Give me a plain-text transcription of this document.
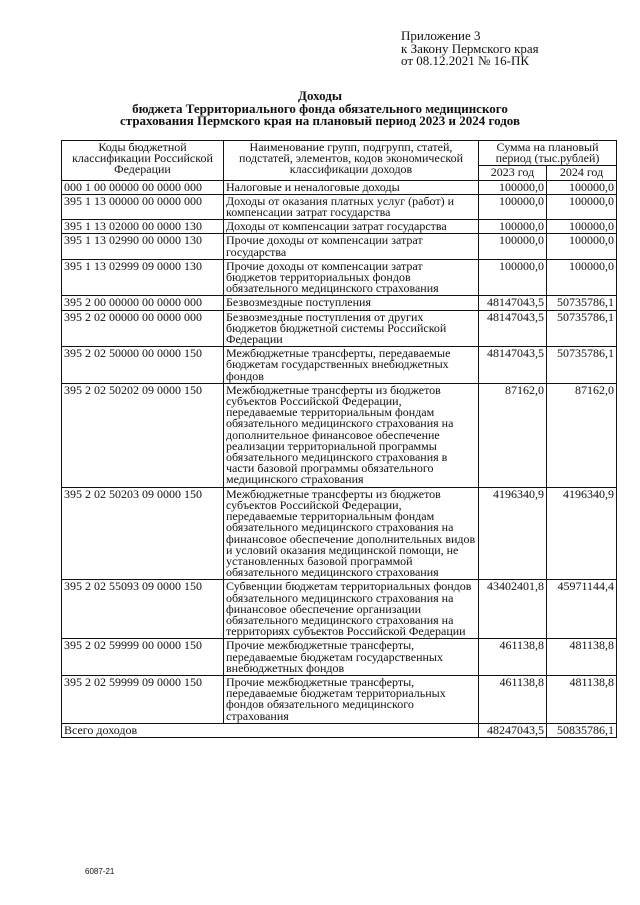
Приложение 3
к Закону Пермского края
от 08.12.2021 № 16-ПК
Доходы
бюджета Территориального фонда обязательного медицинского
страхования Пермского края на плановый период 2023 и 2024 годов
Коды бюджетной классификации Российской Федерации	Наименование групп, подгрупп, статей, подстатей, элементов, кодов экономической классификации доходов	Сумма на плановый период (тыс.рублей)	
		2023 год	2024 год
000 1 00 00000 00 0000 000	Налоговые и неналоговые доходы	100000,0	100000,0
395 1 13 00000 00 0000 000	Доходы от оказания платных услуг (работ) и компенсации затрат государства	100000,0	100000,0
395 1 13 02000 00 0000 130	Доходы от компенсации затрат государства	100000,0	100000,0
395 1 13 02990 00 0000 130	Прочие доходы от компенсации затрат государства	100000,0	100000,0
395 1 13 02999 09 0000 130	Прочие доходы от компенсации затрат бюджетов территориальных фондов обязательного медицинского страхования	100000,0	100000,0
395 2 00 00000 00 0000 000	Безвозмездные поступления	48147043,5	50735786,1
395 2 02 00000 00 0000 000	Безвозмездные поступления от других бюджетов бюджетной системы Российской Федерации	48147043,5	50735786,1
395 2 02 50000 00 0000 150	Межбюджетные трансферты, передаваемые бюджетам государственных внебюджетных фондов	48147043,5	50735786,1
395 2 02 50202 09 0000 150	Межбюджетные трансферты из бюджетов субъектов Российской Федерации, передаваемые территориальным фондам обязательного медицинского страхования на дополнительное финансовое обеспечение реализации территориальной программы обязательного медицинского страхования в части базовой программы обязательного медицинского страхования	87162,0	87162,0
395 2 02 50203 09 0000 150	Межбюджетные трансферты из бюджетов субъектов Российской Федерации, передаваемые территориальным фондам обязательного медицинского страхования на финансовое обеспечение дополнительных видов и условий оказания медицинской помощи, не установленных базовой программой обязательного медицинского страхования	4196340,9	4196340,9
395 2 02 55093 09 0000 150	Субвенции бюджетам территориальных фондов обязательного медицинского страхования на финансовое обеспечение организации обязательного медицинского страхования на территориях субъектов Российской Федерации	43402401,8	45971144,4
395 2 02 59999 00 0000 150	Прочие межбюджетные трансферты, передаваемые бюджетам государственных внебюджетных фондов	461138,8	481138,8
395 2 02 59999 09 0000 150	Прочие межбюджетные трансферты, передаваемые бюджетам территориальных фондов обязательного медицинского страхования	461138,8	481138,8
Всего доходов		48247043,5	50835786,1
6087-21
